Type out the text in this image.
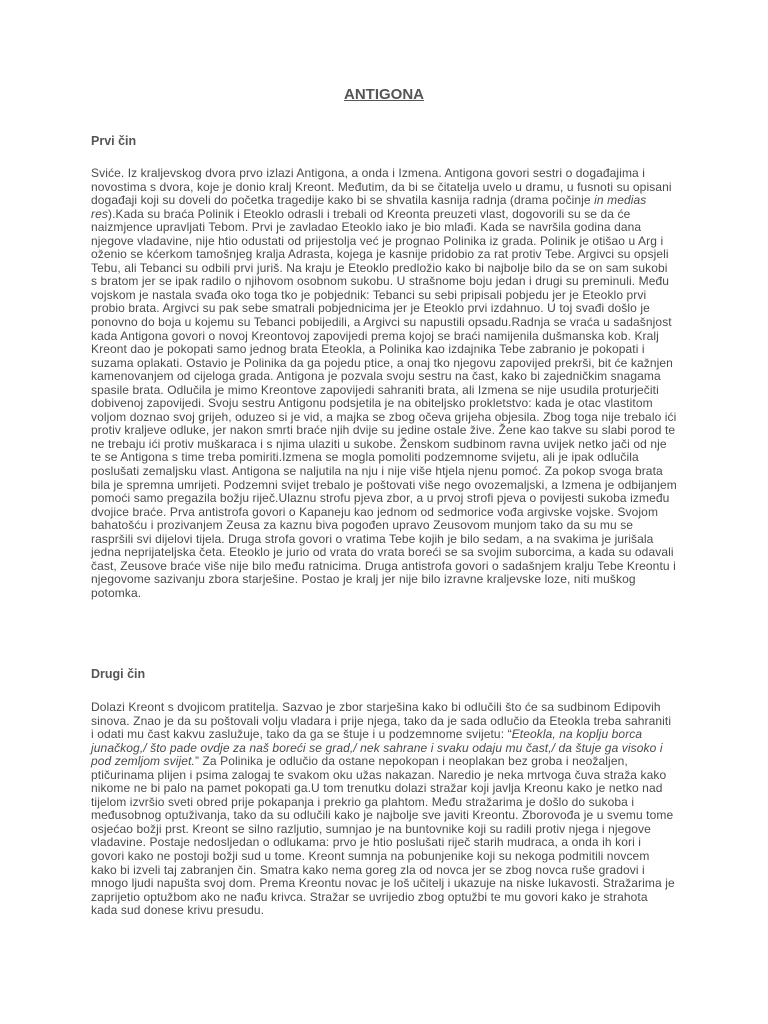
ANTIGONA
Prvi čin

Sviće. Iz kraljevskog dvora prvo izlazi Antigona, a onda i Izmena. Antigona govori sestri o događajima i novostima s dvora, koje je donio kralj Kreont. Međutim, da bi se čitatelja uvelo u dramu, u fusnoti su opisani događaji koji su doveli do početka tragedije kako bi se shvatila kasnija radnja (drama počinje in medias res).Kada su braća Polinik i Eteoklo odrasli i trebali od Kreonta preuzeti vlast, dogovorili su se da će naizmjence upravljati Tebom. Prvi je zavladao Eteoklo iako je bio mlađi. Kada se navršila godina dana njegove vladavine, nije htio odustati od prijestolja već je prognao Polinika iz grada. Polinik je otišao u Arg i oženio se kćerkom tamošnjeg kralja Adrasta, kojega je kasnije pridobio za rat protiv Tebe. Argivci su opsjeli Tebu, ali Tebanci su odbili prvi juriš. Na kraju je Eteoklo predložio kako bi najbolje bilo da se on sam sukobi s bratom jer se ipak radilo o njihovom osobnom sukobu. U strašnome boju jedan i drugi su preminuli. Među vojskom je nastala svađa oko toga tko je pobjednik: Tebanci su sebi pripisali pobjedu jer je Eteoklo prvi probio brata. Argivci su pak sebe smatrali pobjednicima jer je Eteoklo prvi izdahnuo. U toj svađi došlo je ponovno do boja u kojemu su Tebanci pobijedili, a Argivci su napustili opsadu.Radnja se vraća u sadašnjost kada Antigona govori o novoj Kreontovoj zapovijedi prema kojoj se braći namijenila dušmanska kob. Kralj Kreont dao je pokopati samo jednog brata Eteokla, a Polinika kao izdajnika Tebe zabranio je pokopati i suzama oplakati. Ostavio je Polinika da ga pojedu ptice, a onaj tko njegovu zapovijed prekrši, bit će kažnjen kamenovanjem od cijeloga grada. Antigona je pozvala svoju sestru na čast, kako bi zajedničkim snagama spasile brata. Odlučila je mimo Kreontove zapovijedi sahraniti brata, ali Izmena se nije usudila proturječiti dobivenoj zapovijedi. Svoju sestru Antigonu podsjetila je na obiteljsko prokletstvo: kada je otac vlastitom voljom doznao svoj grijeh, oduzeo si je vid, a majka se zbog očeva grijeha objesila. Zbog toga nije trebalo ići protiv kraljeve odluke, jer nakon smrti braće njih dvije su jedine ostale žive. Žene kao takve su slabi porod te ne trebaju ići protiv muškaraca i s njima ulaziti u sukobe. Ženskom sudbinom ravna uvijek netko jači od nje te se Antigona s time treba pomiriti.Izmena se mogla pomoliti podzemnome svijetu, ali je ipak odlučila poslušati zemaljsku vlast. Antigona se naljutila na nju i nije više htjela njenu pomoć. Za pokop svoga brata bila je spremna umrijeti. Podzemni svijet trebalo je poštovati više nego ovozemaljski, a Izmena je odbijanjem pomoći samo pregazila božju riječ.Ulaznu strofu pjeva zbor, a u prvoj strofi pjeva o povijesti sukoba između dvojice braće. Prva antistrofa govori o Kapaneju kao jednom od sedmorice vođa argivske vojske. Svojom bahatošću i prozivanjem Zeusa za kaznu biva pogođen upravo Zeusovom munjom tako da su mu se raspršili svi dijelovi tijela. Druga strofa govori o vratima Tebe kojih je bilo sedam, a na svakima je jurišala jedna neprijateljska četa. Eteoklo je jurio od vrata do vrata boreći se sa svojim suborcima, a kada su odavali čast, Zeusove braće više nije bilo među ratnicima. Druga antistrofa govori o sadašnjem kralju Tebe Kreontu i njegovome sazivanju zbora starješine. Postao je kralj jer nije bilo izravne kraljevske loze, niti muškog potomka.

Drugi čin

Dolazi Kreont s dvojicom pratitelja. Sazvao je zbor starješina kako bi odlučili što će sa sudbinom Edipovih sinova. Znao je da su poštovali volju vladara i prije njega, tako da je sada odlučio da Eteokla treba sahraniti i odati mu čast kakvu zaslužuje, tako da ga se štuje i u podzemnome svijetu: “Eteokla, na koplju borca junačkog,/ što pade ovdje za naš boreći se grad,/ nek sahrane i svaku odaju mu čast,/ da štuje ga visoko i pod zemljom svijet.” Za Polinika je odlučio da ostane nepokopan i neoplakan bez groba i neožaljen, ptičurinama plijen i psima zalogaj te svakom oku užas nakazan. Naredio je neka mrtvoga čuva straža kako nikome ne bi palo na pamet pokopati ga.U tom trenutku dolazi stražar koji javlja Kreonu kako je netko nad tijelom izvršio sveti obred prije pokapanja i prekrio ga plahtom. Među stražarima je došlo do sukoba i međusobnog optuživanja, tako da su odlučili kako je najbolje sve javiti Kreontu. Zborovođa je u svemu tome osjećao božji prst. Kreont se silno razljutio, sumnjao je na buntovnike koji su radili protiv njega i njegove vladavine. Postaje nedosljedan o odlukama: prvo je htio poslušati riječ starih mudraca, a onda ih kori i govori kako ne postoji božji sud u tome. Kreont sumnja na pobunjenike koji su nekoga podmitili novcem kako bi izveli taj zabranjen čin. Smatra kako nema goreg zla od novca jer se zbog novca ruše gradovi i mnogo ljudi napušta svoj dom. Prema Kreontu novac je loš učitelj i ukazuje na niske lukavosti. Stražarima je zaprijetio optužbom ako ne nađu krivca. Stražar se uvrijedio zbog optužbi te mu govori kako je strahota kada sud donese krivu presudu.
